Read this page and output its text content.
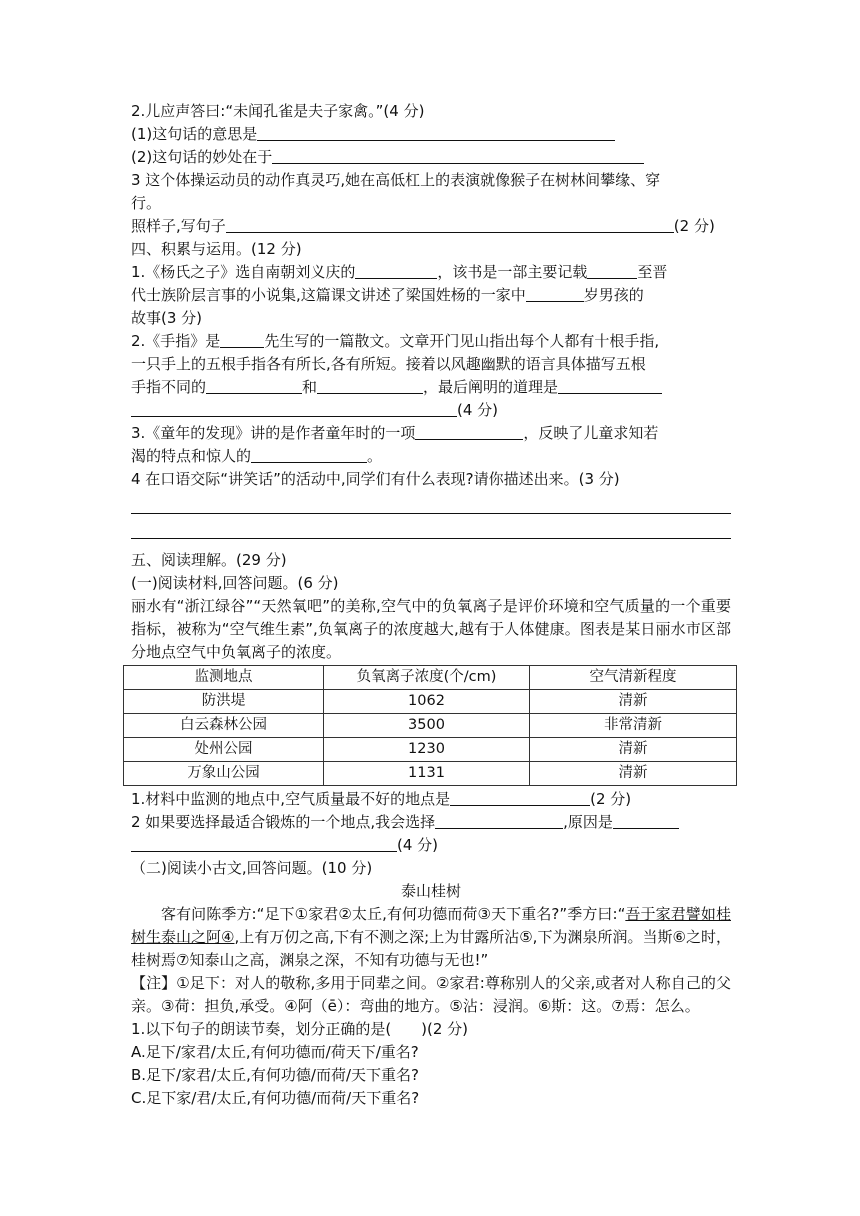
2.儿应声答曰:“未闻孔雀是夫子家禽。”(4 分)
(1)这句话的意思是
(2)这句话的妙处在于
3 这个体操运动员的动作真灵巧,她在高低杠上的表演就像猴子在树林间攀缘、穿
行。
照样子,写句子	(2 分)
四、积累与运用。(12 分)
1.《杨氏之子》选自南朝刘义庆的	，该书是一部主要记载	至晋
代士族阶层言事的小说集,这篇课文讲述了梁国姓杨的一家中	岁男孩的
故事(3 分)
2.《手指》是	先生写的一篇散文。文章开门见山指出每个人都有十根手指,
一只手上的五根手指各有所长,各有所短。接着以风趣幽默的语言具体描写五根
手指不同的	和	，最后阐明的道理是
(4 分)
3.《童年的发现》讲的是作者童年时的一项	，反映了儿童求知若
渴的特点和惊人的	。
4 在口语交际“讲笑话”的活动中,同学们有什么表现?请你描述出来。(3 分)
五、阅读理解。(29 分)
(一)阅读材料,回答问题。(6 分)
丽水有“浙江绿谷”“天然氧吧”的美称,空气中的负氧离子是评价环境和空气质量的一个重要指标，被称为“空气维生素”,负氧离子的浓度越大,越有于人体健康。图表是某日丽水市区部分地点空气中负氧离子的浓度。
监测地点	负氧离子浓度(个/cm)	空气清新程度
防洪堤	1062	清新
白云森林公园	3500	非常清新
处州公园	1230	清新
万象山公园	1131	清新
1.材料中监测的地点中,空气质量最不好的地点是	(2 分)
2 如果要选择最适合锻炼的一个地点,我会选择	,原因是
(4 分)
（二)阅读小古文,回答问题。(10 分)
泰山桂树
客有问陈季方:“足下①家君②太丘,有何功德而荷③天下重名?”季方曰:“吾于家君譬如桂树生泰山之阿④,上有万仞之高,下有不测之深;上为甘露所沾⑤,下为渊泉所润。当斯⑥之时，桂树焉⑦知泰山之高，渊泉之深，不知有功德与无也!”
【注】①足下：对人的敬称,多用于同辈之间。②家君:尊称别人的父亲,或者对人称自己的父亲。③荷：担负,承受。④阿（ē）：弯曲的地方。⑤沾：浸润。⑥斯：这。⑦焉：怎么。
1.以下句子的朗读节奏，划分正确的是(　　)(2 分)
A.足下/家君/太丘,有何功德而/荷天下/重名?
B.足下/家君/太丘,有何功德/而荷/天下重名?
C.足下家/君/太丘,有何功德/而荷/天下重名?
